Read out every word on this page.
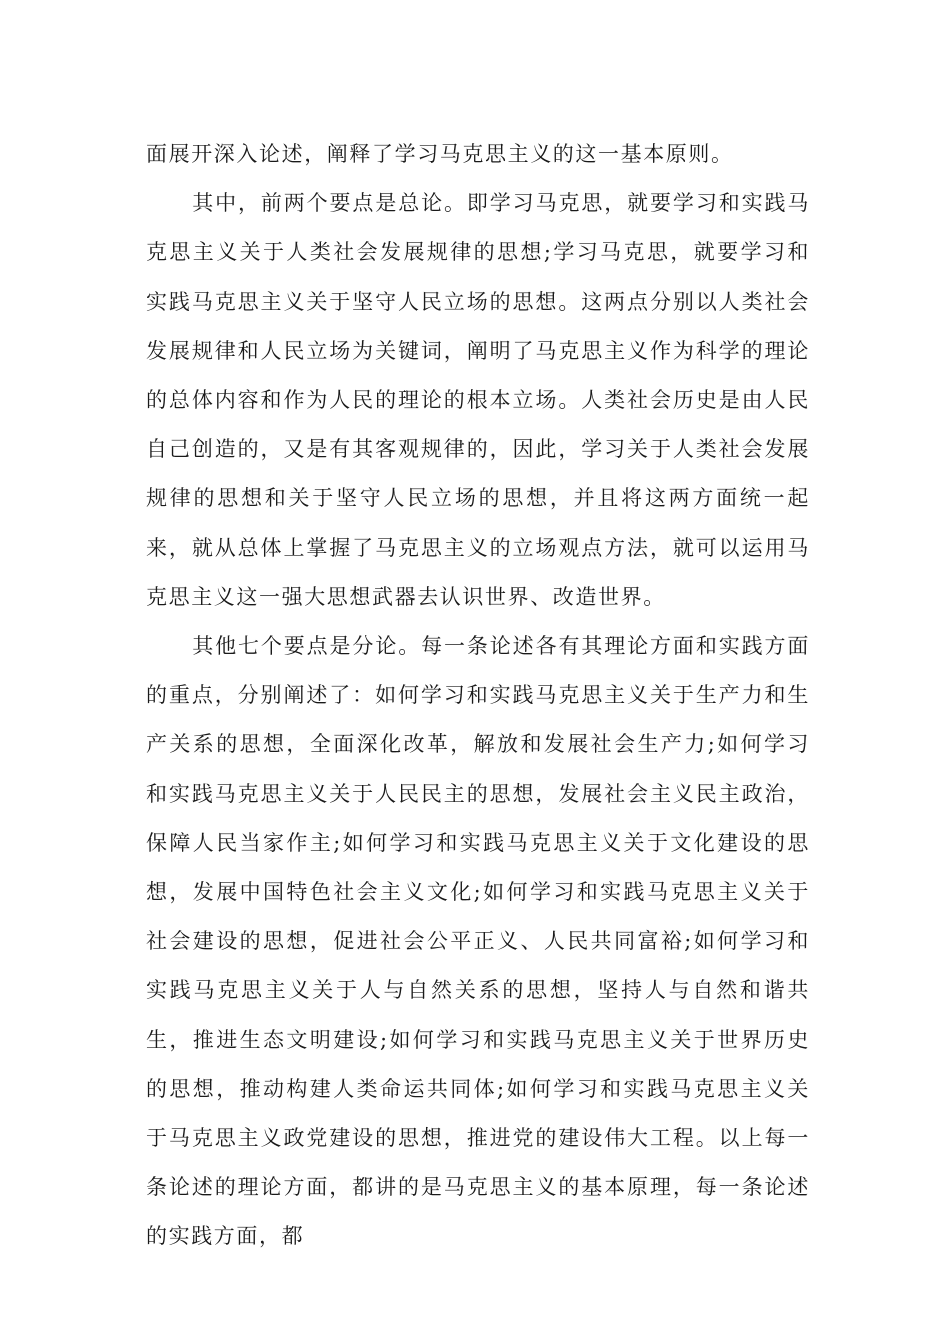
面展开深入论述，阐释了学习马克思主义的这一基本原则。

其中，前两个要点是总论。即学习马克思，就要学习和实践马克思主义关于人类社会发展规律的思想;学习马克思，就要学习和实践马克思主义关于坚守人民立场的思想。这两点分别以人类社会发展规律和人民立场为关键词，阐明了马克思主义作为科学的理论的总体内容和作为人民的理论的根本立场。人类社会历史是由人民自己创造的，又是有其客观规律的，因此，学习关于人类社会发展规律的思想和关于坚守人民立场的思想，并且将这两方面统一起来，就从总体上掌握了马克思主义的立场观点方法，就可以运用马克思主义这一强大思想武器去认识世界、改造世界。

其他七个要点是分论。每一条论述各有其理论方面和实践方面的重点，分别阐述了：如何学习和实践马克思主义关于生产力和生产关系的思想，全面深化改革，解放和发展社会生产力;如何学习和实践马克思主义关于人民民主的思想，发展社会主义民主政治，保障人民当家作主;如何学习和实践马克思主义关于文化建设的思想，发展中国特色社会主义文化;如何学习和实践马克思主义关于社会建设的思想，促进社会公平正义、人民共同富裕;如何学习和实践马克思主义关于人与自然关系的思想，坚持人与自然和谐共生，推进生态文明建设;如何学习和实践马克思主义关于世界历史的思想，推动构建人类命运共同体;如何学习和实践马克思主义关于马克思主义政党建设的思想，推进党的建设伟大工程。以上每一条论述的理论方面，都讲的是马克思主义的基本原理，每一条论述的实践方面，都
